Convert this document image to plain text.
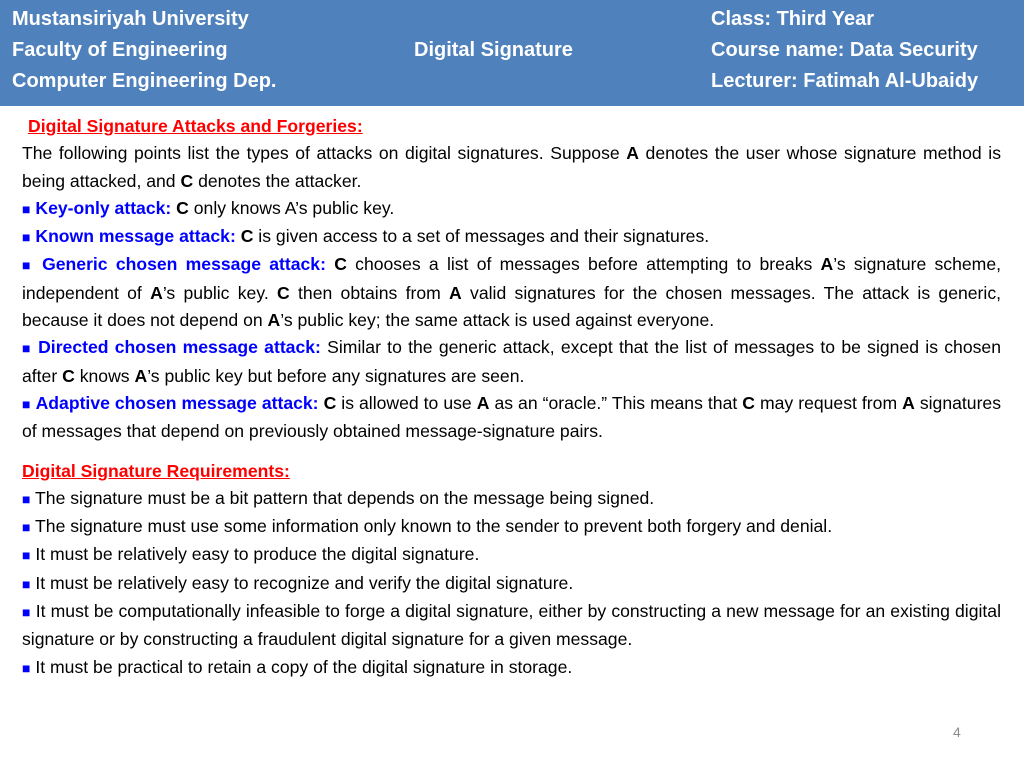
Mustansiriyah University
Faculty of Engineering
Computer Engineering Dep.
Digital Signature
Class: Third Year
Course name: Data Security
Lecturer: Fatimah Al-Ubaidy

Digital Signature Attacks and Forgeries:

The following points list the types of attacks on digital signatures. Suppose A denotes the user whose signature method is being attacked, and C denotes the attacker.

■ Key-only attack: C only knows A’s public key.

■ Known message attack: C is given access to a set of messages and their signatures.

■ Generic chosen message attack: C chooses a list of messages before attempting to breaks A’s signature scheme, independent of A’s public key. C then obtains from A valid signatures for the chosen messages. The attack is generic, because it does not depend on A’s public key; the same attack is used against everyone.

■ Directed chosen message attack: Similar to the generic attack, except that the list of messages to be signed is chosen after C knows A’s public key but before any signatures are seen.

■ Adaptive chosen message attack: C is allowed to use A as an “oracle.” This means that C may request from A signatures of messages that depend on previously obtained message-signature pairs.

Digital Signature Requirements:

■ The signature must be a bit pattern that depends on the message being signed.

■ The signature must use some information only known to the sender to prevent both forgery and denial.

■ It must be relatively easy to produce the digital signature.

■ It must be relatively easy to recognize and verify the digital signature.

■ It must be computationally infeasible to forge a digital signature, either by constructing a new message for an existing digital signature or by constructing a fraudulent digital signature for a given message.

■ It must be practical to retain a copy of the digital signature in storage.

4
